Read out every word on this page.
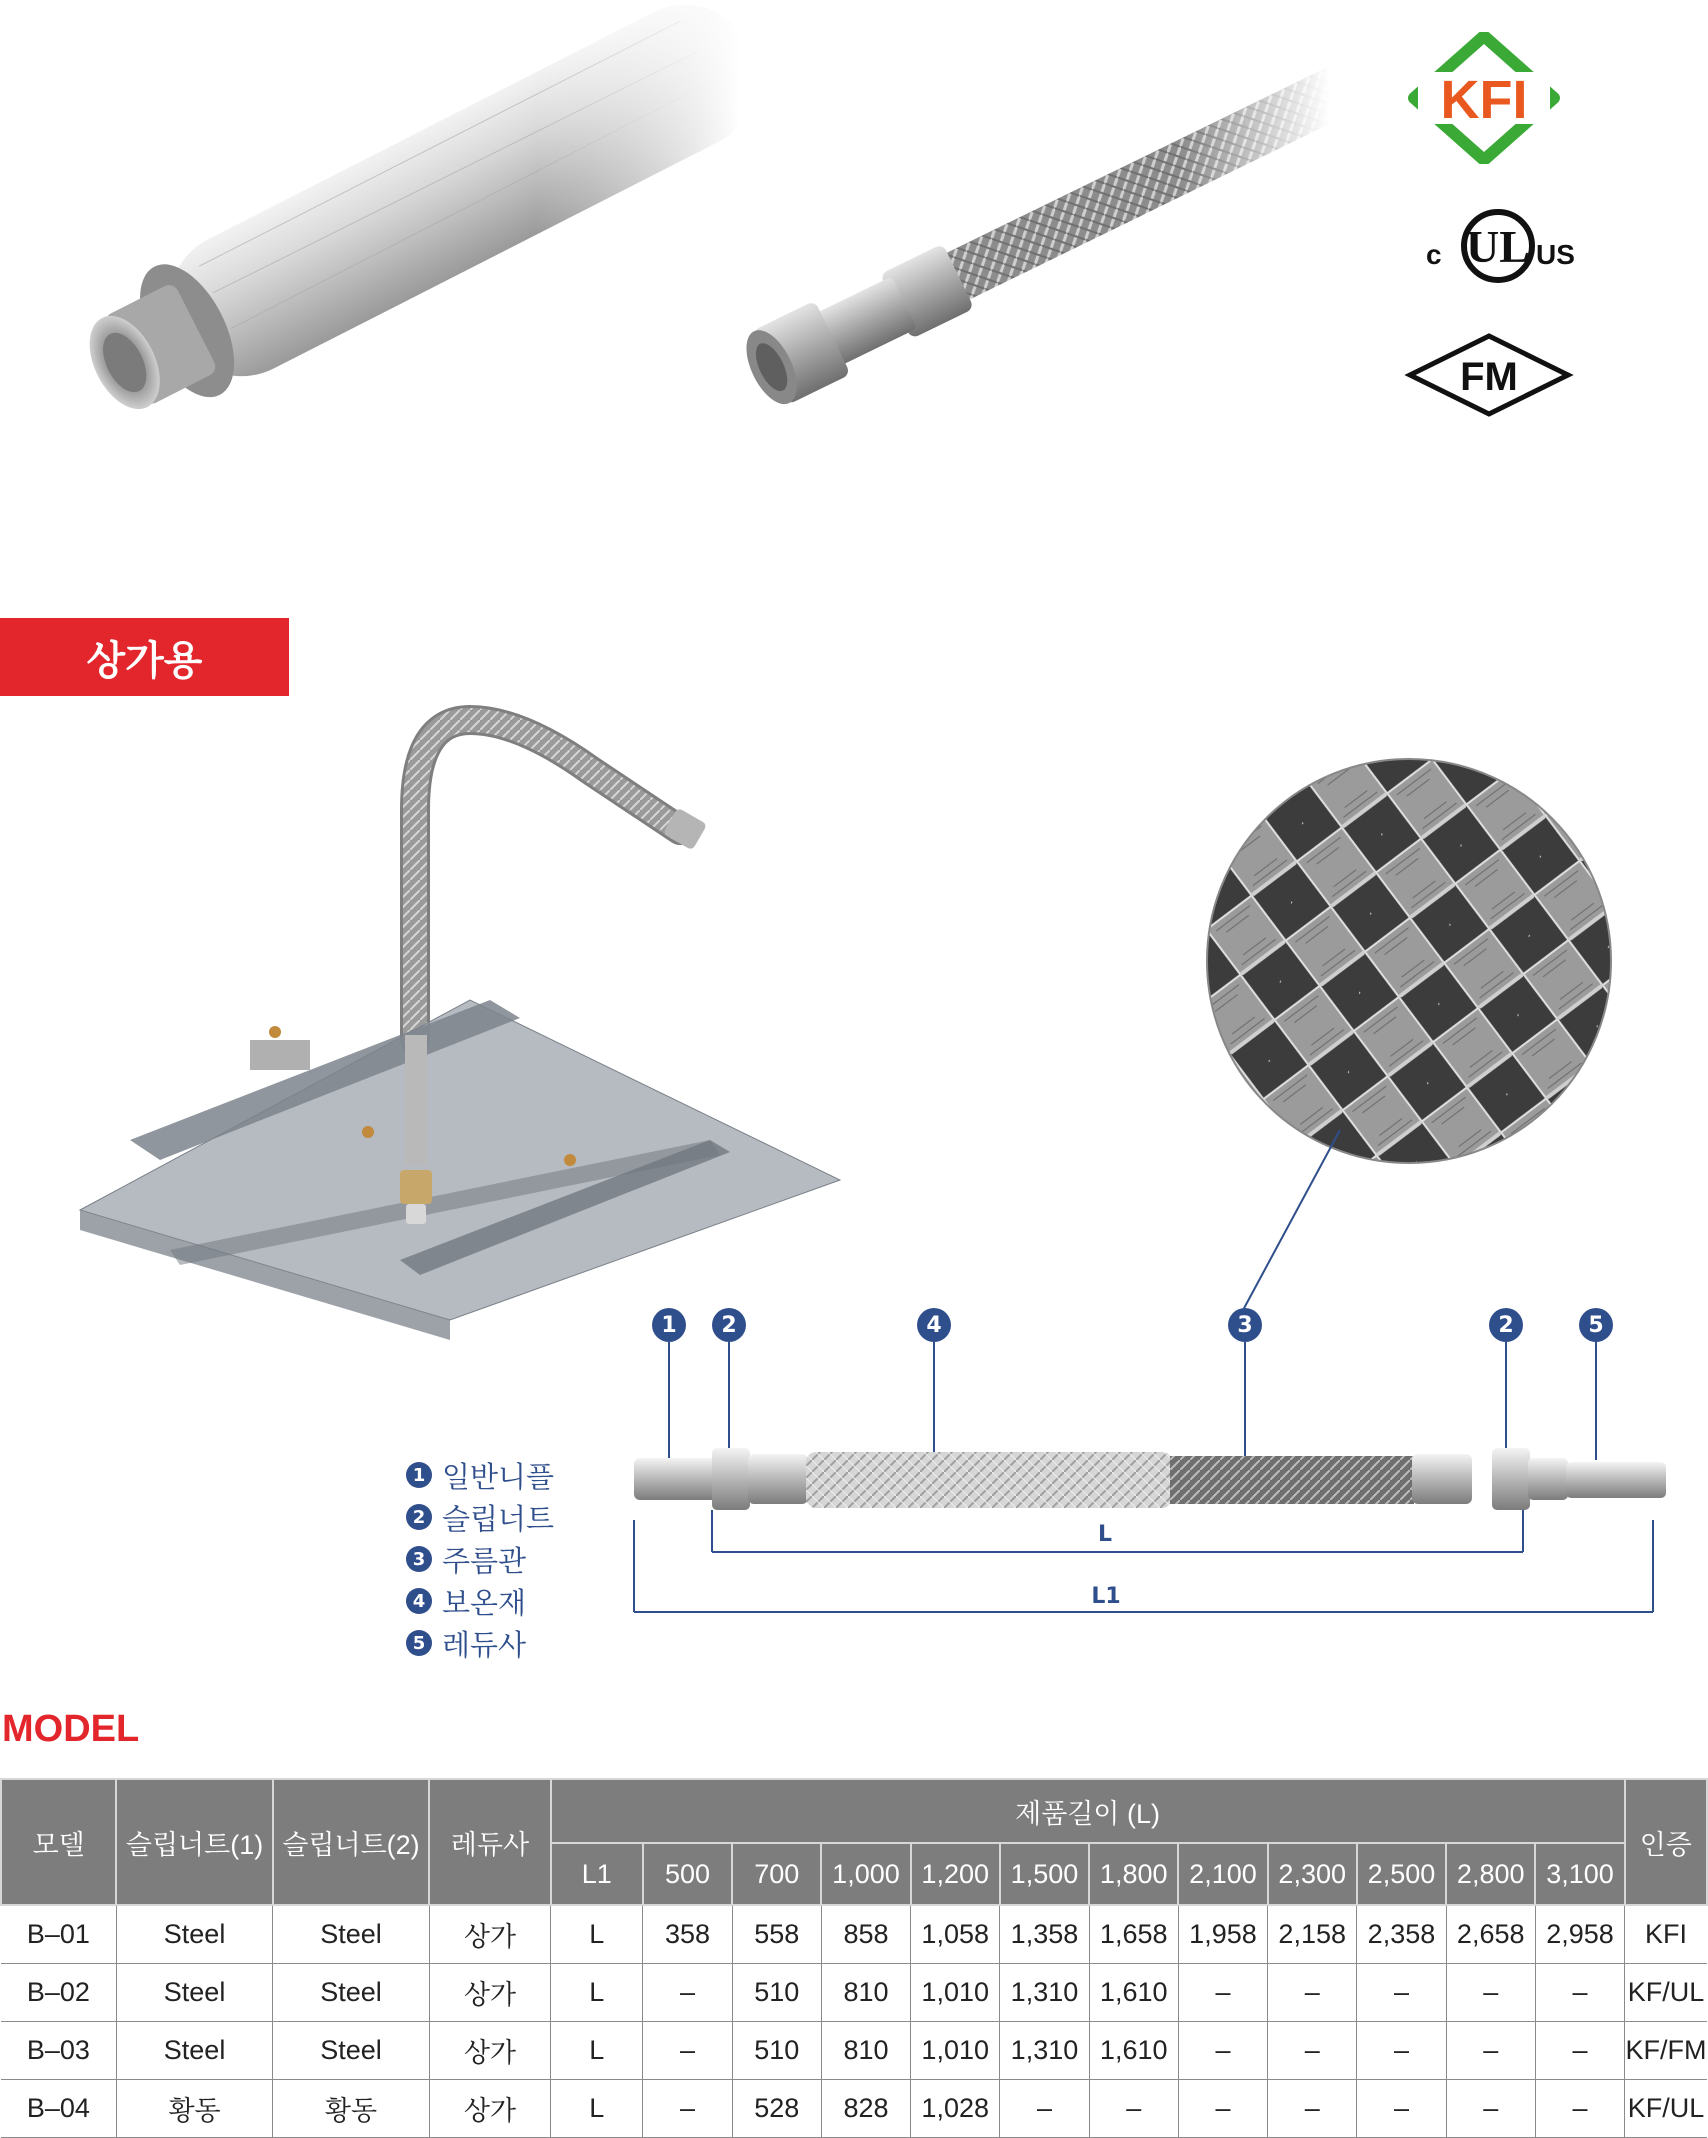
KFI
c UL US
FM
상가용
1	2	4	3	2	5
L
L1
1 일반니플
2 슬립너트
3 주름관
4 보온재
5 레듀사
MODEL
모델	슬립너트(1)	슬립너트(2)	레듀사	제품길이 (L)												인증
				L1	500	700	1,000	1,200	1,500	1,800	2,100	2,300	2,500	2,800	3,100	
B–01	Steel	Steel	상가	L	358	558	858	1,058	1,358	1,658	1,958	2,158	2,358	2,658	2,958	KFI
B–02	Steel	Steel	상가	L	–	510	810	1,010	1,310	1,610	–	–	–	–	–	KF/UL
B–03	Steel	Steel	상가	L	–	510	810	1,010	1,310	1,610	–	–	–	–	–	KF/FM
B–04	황동	황동	상가	L	–	528	828	1,028	–	–	–	–	–	–	–	KF/UL
